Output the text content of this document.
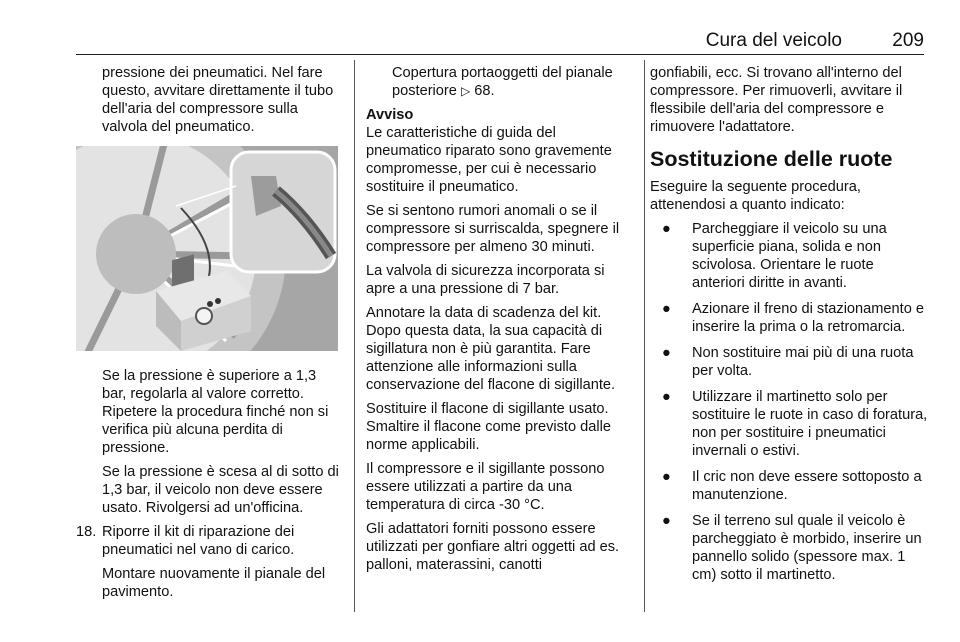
Cura del veicolo	209

pressione dei pneumatici. Nel fare questo, avvitare direttamente il tubo dell'aria del compressore sulla valvola del pneumatico.

Se la pressione è superiore a 1,3 bar, regolarla al valore corretto. Ripetere la procedura finché non si verifica più alcuna perdita di pressione.

Se la pressione è scesa al di sotto di 1,3 bar, il veicolo non deve essere usato. Rivolgersi ad un'officina.

18. Riporre il kit di riparazione dei pneumatici nel vano di carico.

Montare nuovamente il pianale del pavimento.

Copertura portaoggetti del pianale posteriore ▷ 68.

Avviso

Le caratteristiche di guida del pneumatico riparato sono gravemente compromesse, per cui è necessario sostituire il pneumatico.

Se si sentono rumori anomali o se il compressore si surriscalda, spegnere il compressore per almeno 30 minuti.

La valvola di sicurezza incorporata si apre a una pressione di 7 bar.

Annotare la data di scadenza del kit. Dopo questa data, la sua capacità di sigillatura non è più garantita. Fare attenzione alle informazioni sulla conservazione del flacone di sigillante.

Sostituire il flacone di sigillante usato. Smaltire il flacone come previsto dalle norme applicabili.

Il compressore e il sigillante possono essere utilizzati a partire da una temperatura di circa -30 °C.

Gli adattatori forniti possono essere utilizzati per gonfiare altri oggetti ad es. palloni, materassini, canotti

gonfiabili, ecc. Si trovano all'interno del compressore. Per rimuoverli, avvitare il flessibile dell'aria del compressore e rimuovere l'adattatore.

Sostituzione delle ruote

Eseguire la seguente procedura, attenendosi a quanto indicato:

● Parcheggiare il veicolo su una superficie piana, solida e non scivolosa. Orientare le ruote anteriori diritte in avanti.
● Azionare il freno di stazionamento e inserire la prima o la retromarcia.
● Non sostituire mai più di una ruota per volta.
● Utilizzare il martinetto solo per sostituire le ruote in caso di foratura, non per sostituire i pneumatici invernali o estivi.
● Il cric non deve essere sottoposto a manutenzione.
● Se il terreno sul quale il veicolo è parcheggiato è morbido, inserire un pannello solido (spessore max. 1 cm) sotto il martinetto.
